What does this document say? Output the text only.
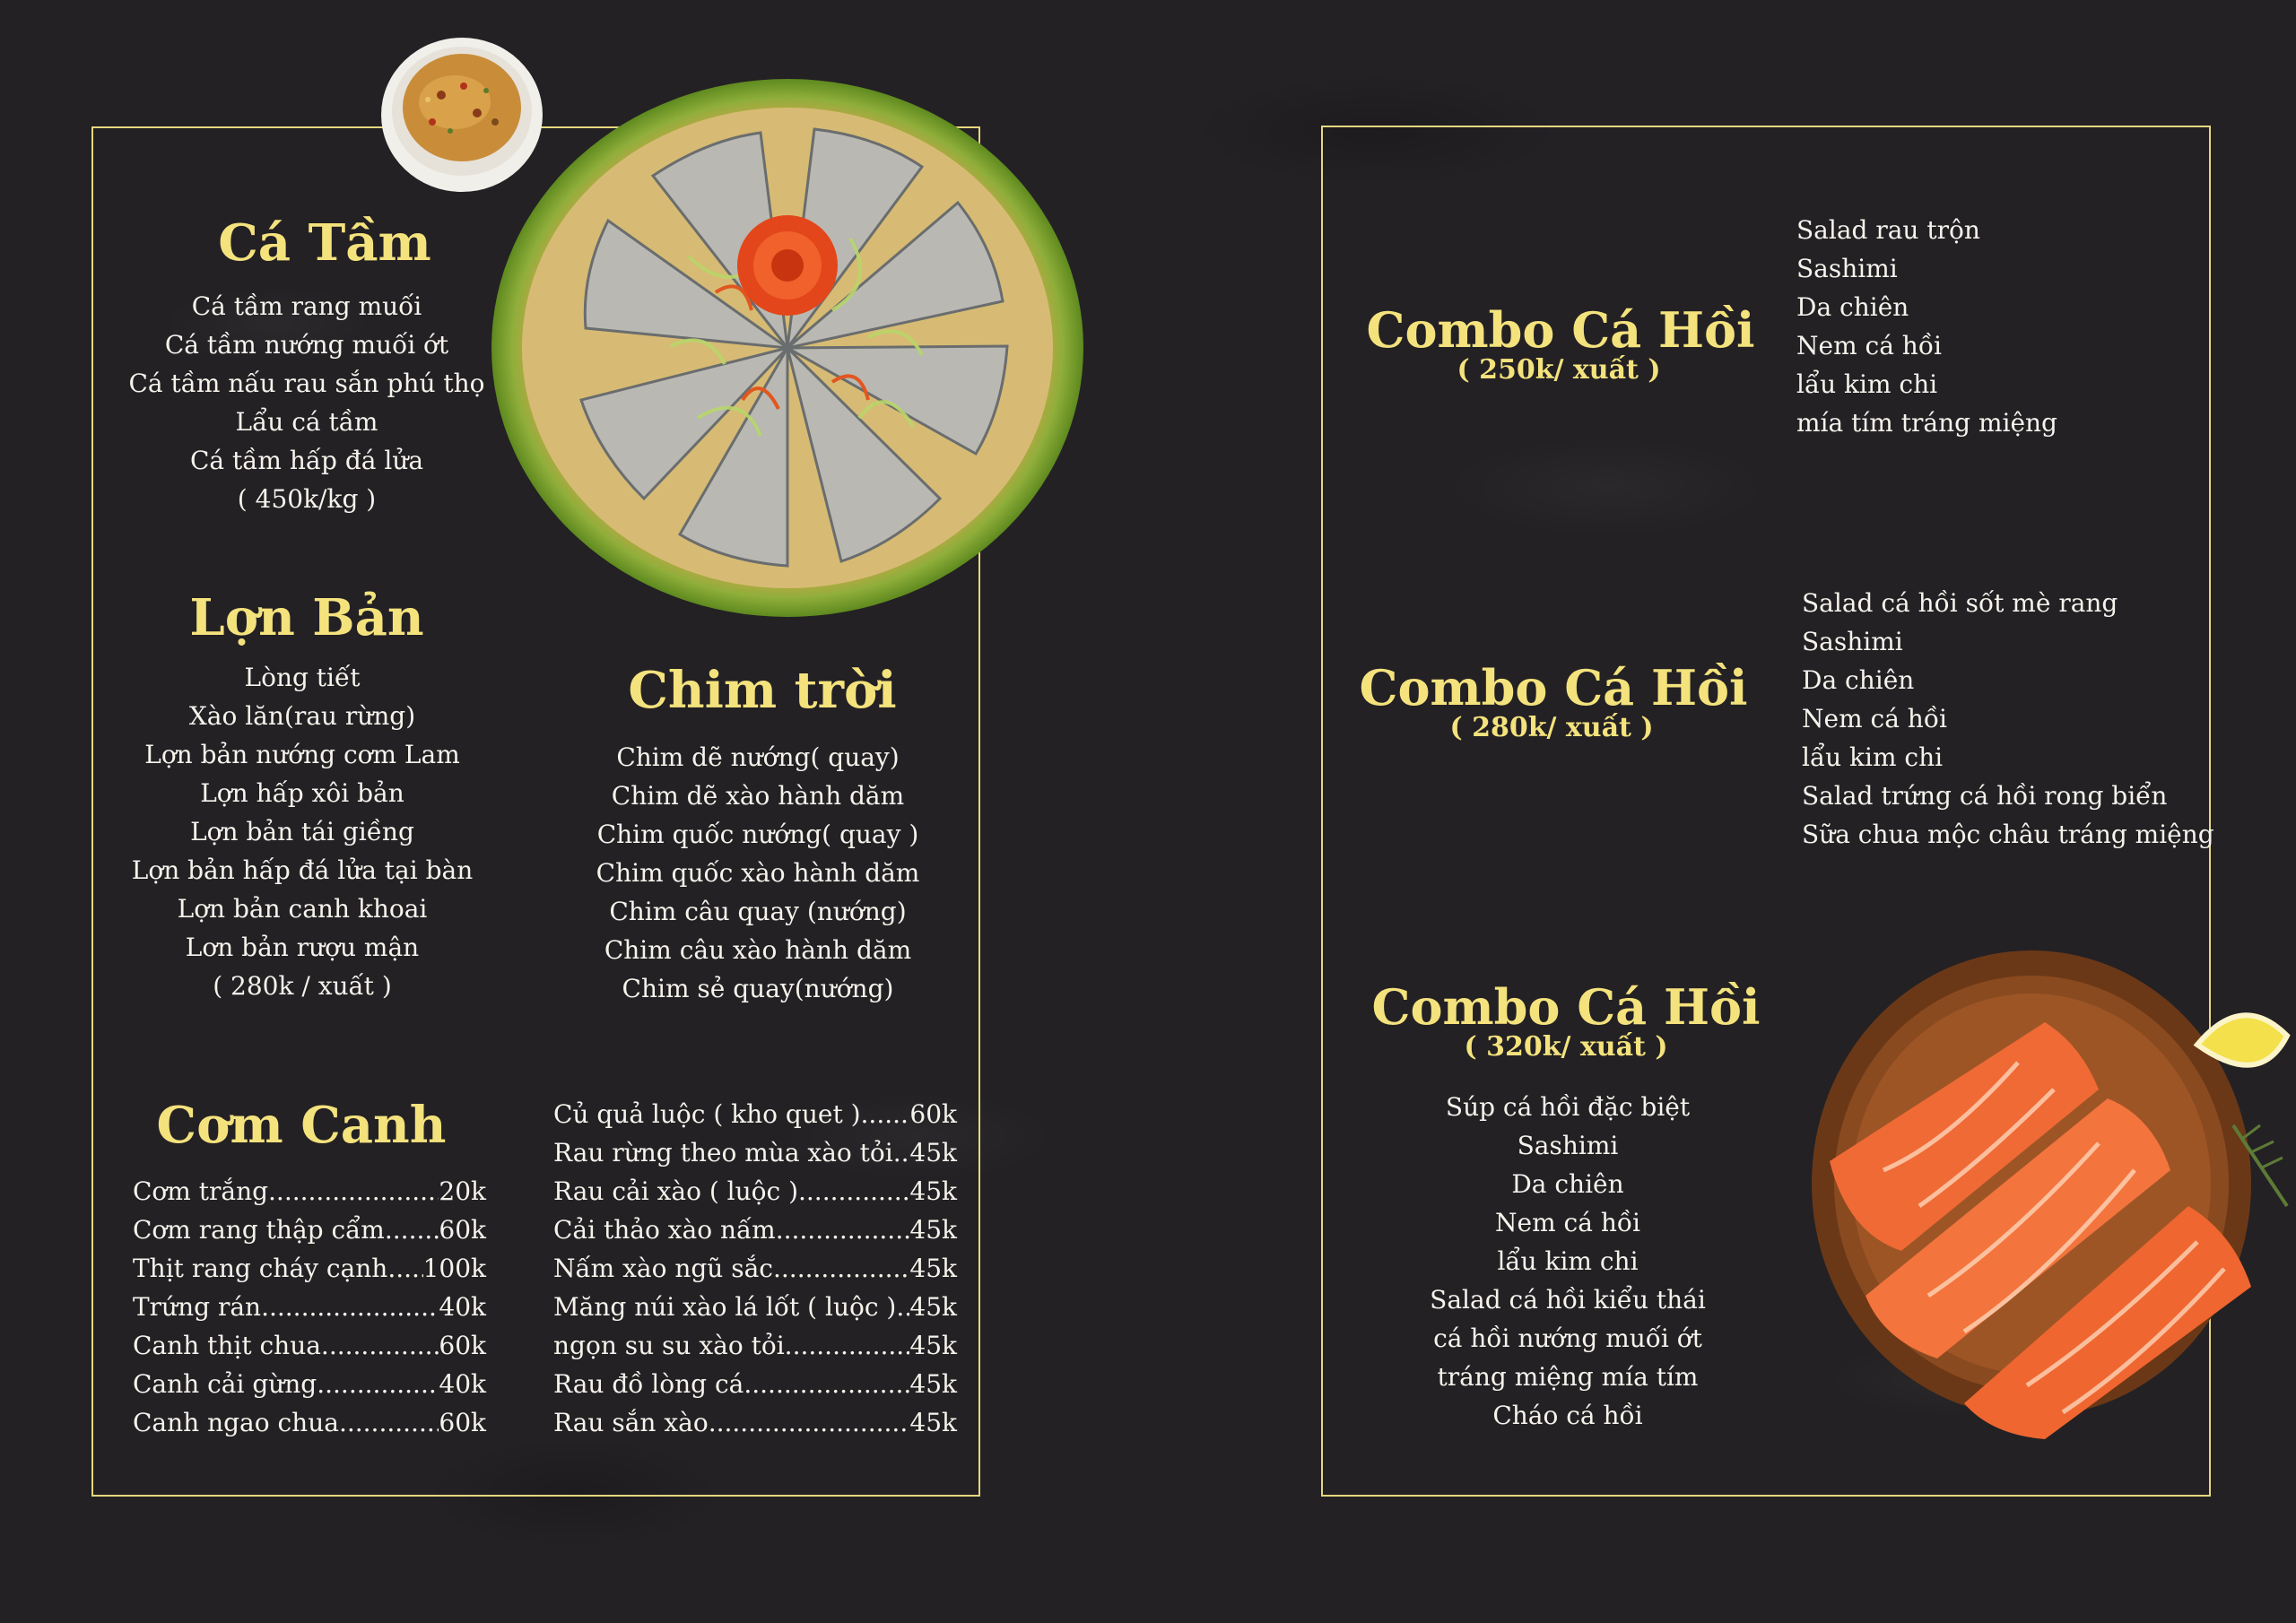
Cá Tầm
Cá tầm rang muối
Cá tầm nướng muối ớt
Cá tầm nấu rau sắn phú thọ
Lẩu cá tầm
Cá tầm hấp đá lửa
( 450k/kg )
Lợn Bản
Lòng tiết
Xào lăn(rau rừng)
Lợn bản nướng cơm Lam
Lợn hấp xôi bản
Lợn bản tái giềng
Lợn bản hấp đá lửa tại bàn
Lợn bản canh khoai
Lơn bản rượu mận
( 280k / xuất )
Chim trời
Chim dẽ nướng( quay)
Chim dẽ xào hành dăm
Chim quốc nướng( quay )
Chim quốc xào hành dăm
Chim câu quay (nướng)
Chim câu xào hành dăm
Chim sẻ quay(nướng)
Cơm Canh
Cơm trắng .....	20k
Cơm rang thập cẩm ..... 60k
Thịt rang cháy cạnh ..... 100k
Trứng rán .....	40k
Canh thịt chua .....	60k
Canh cải gừng .....	40k
Canh ngao chua .....	60k
Củ quả luộc ( kho quet ) ..... 60k
Rau rừng theo mùa xào tỏi ..... 45k
Rau cải xào ( luộc ) .....	45k
Cải thảo xào nấm .....	45k
Nấm xào ngũ sắc .....	45k
Măng núi xào lá lốt ( luộc ) ..... 45k
ngọn su su xào tỏi .....	45k
Rau đồ lòng cá .....	45k
Rau sắn xào .....	45k
Combo Cá Hồi

( 250k/ xuất )

Salad rau trộn
Sashimi
Da chiên
Nem cá hồi
lẩu kim chi
mía tím tráng miệng
Combo Cá Hồi

( 280k/ xuất )

Salad cá hồi sốt mè rang
Sashimi
Da chiên
Nem cá hồi
lẩu kim chi
Salad trứng cá hồi rong biển
Sữa chua mộc châu tráng miệng
Combo Cá Hồi

( 320k/ xuất )

Súp cá hồi đặc biệt
Sashimi
Da chiên
Nem cá hồi
lẩu kim chi
Salad cá hồi kiểu thái
cá hồi nướng muối ớt
tráng miệng mía tím
Cháo cá hồi
